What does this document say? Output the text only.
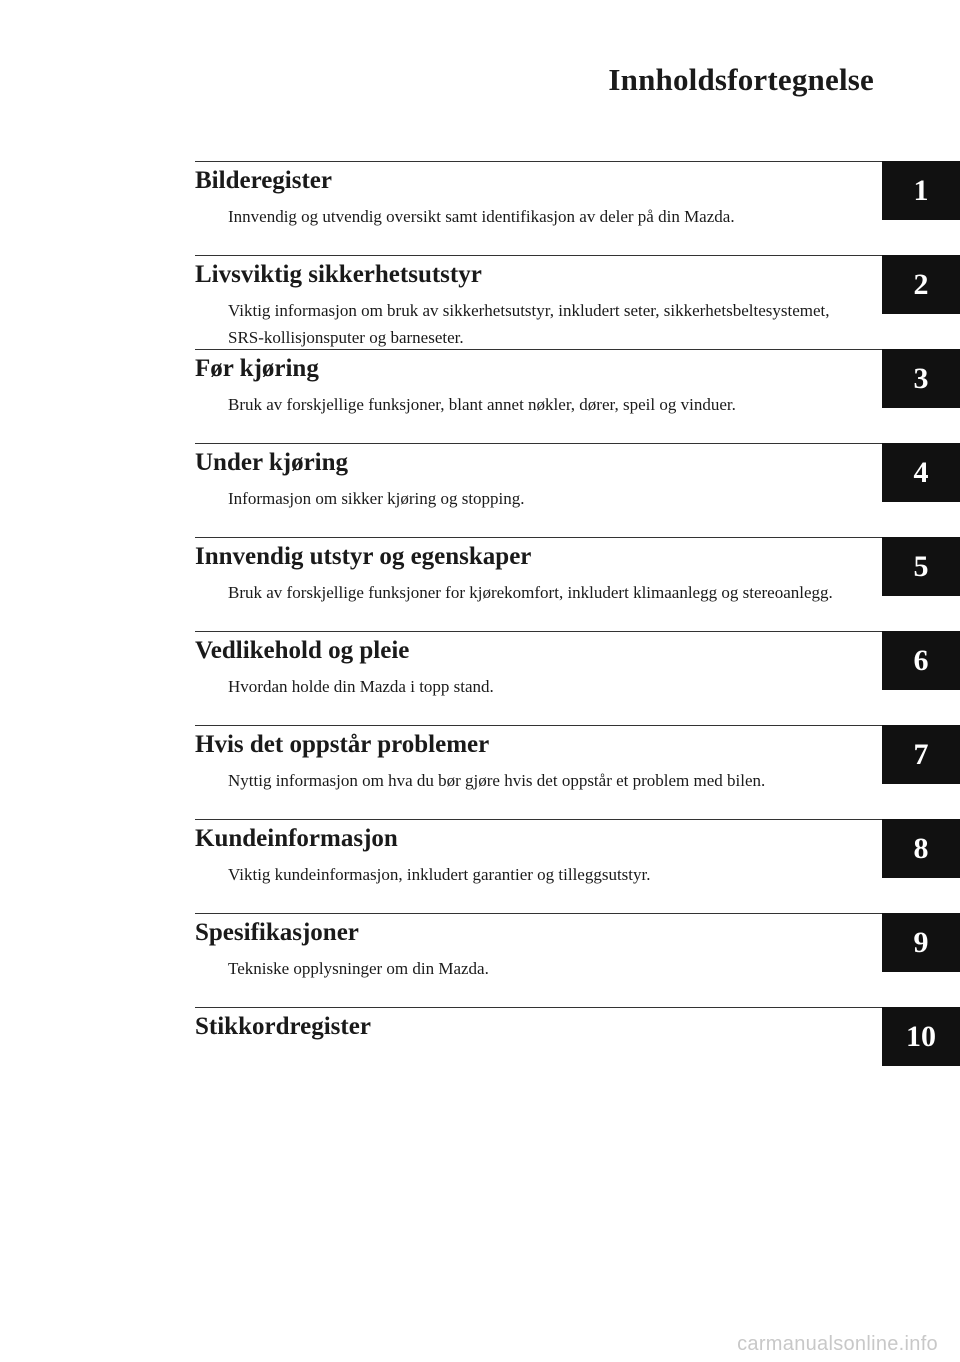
Innholdsfortegnelse
Bilderegister
Innvendig og utvendig oversikt samt identifikasjon av deler på din Mazda.
1
Livsviktig sikkerhetsutstyr
Viktig informasjon om bruk av sikkerhetsutstyr, inkludert seter, sikkerhetsbeltesystemet, SRS-kollisjonsputer og barneseter.
2
Før kjøring
Bruk av forskjellige funksjoner, blant annet nøkler, dører, speil og vinduer.
3
Under kjøring
Informasjon om sikker kjøring og stopping.
4
Innvendig utstyr og egenskaper
Bruk av forskjellige funksjoner for kjørekomfort, inkludert klimaanlegg og stereoanlegg.
5
Vedlikehold og pleie
Hvordan holde din Mazda i topp stand.
6
Hvis det oppstår problemer
Nyttig informasjon om hva du bør gjøre hvis det oppstår et problem med bilen.
7
Kundeinformasjon
Viktig kundeinformasjon, inkludert garantier og tilleggsutstyr.
8
Spesifikasjoner
Tekniske opplysninger om din Mazda.
9
Stikkordregister	10
carmanualsonline.info
